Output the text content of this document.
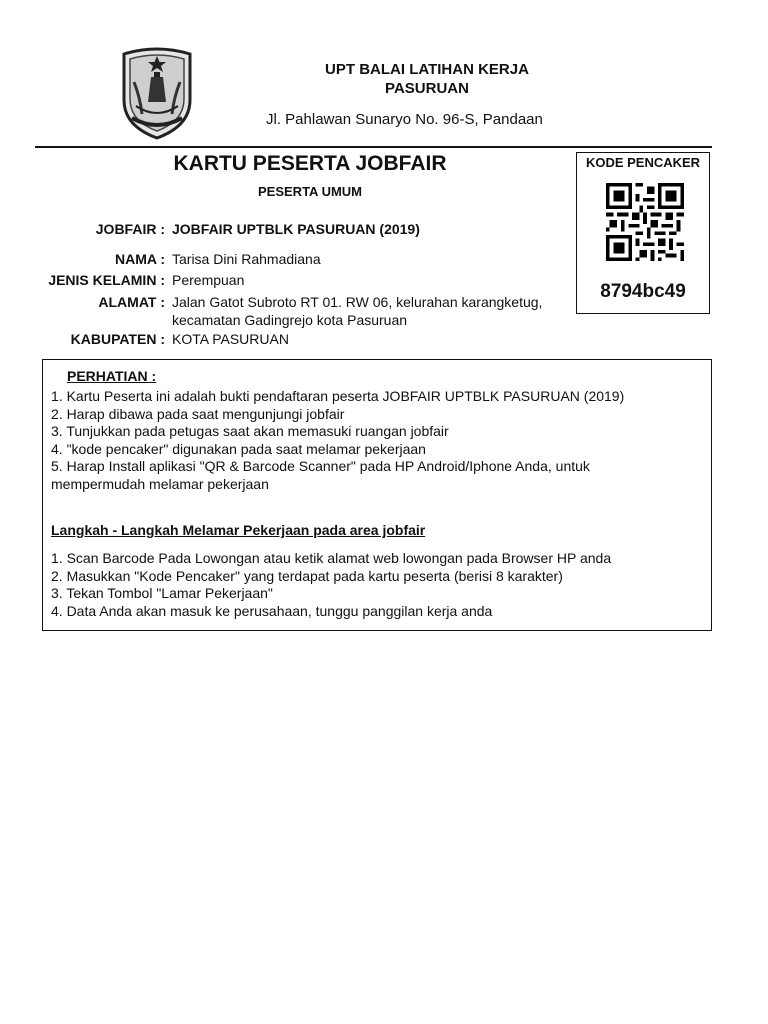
UPT BALAI LATIHAN KERJA
PASURUAN
Jl. Pahlawan Sunaryo No. 96-S, Pandaan
KARTU PESERTA JOBFAIR
PESERTA UMUM
KODE PENCAKER
8794bc49
JOBFAIR : JOBFAIR UPTBLK PASURUAN (2019)
NAMA : Tarisa Dini Rahmadiana
JENIS KELAMIN : Perempuan
ALAMAT : Jalan Gatot Subroto RT 01. RW 06, kelurahan karangketug,
kecamatan Gadingrejo kota Pasuruan
KABUPATEN : KOTA PASURUAN
PERHATIAN :
1. Kartu Peserta ini adalah bukti pendaftaran peserta JOBFAIR UPTBLK PASURUAN (2019)
2. Harap dibawa pada saat mengunjungi jobfair
3. Tunjukkan pada petugas saat akan memasuki ruangan jobfair
4. "kode pencaker" digunakan pada saat melamar pekerjaan
5. Harap Install aplikasi "QR & Barcode Scanner" pada HP Android/Iphone Anda, untuk
mempermudah melamar pekerjaan
Langkah - Langkah Melamar Pekerjaan pada area jobfair
1. Scan Barcode Pada Lowongan atau ketik alamat web lowongan pada Browser HP anda
2. Masukkan "Kode Pencaker" yang terdapat pada kartu peserta (berisi 8 karakter)
3. Tekan Tombol "Lamar Pekerjaan"
4. Data Anda akan masuk ke perusahaan, tunggu panggilan kerja anda
